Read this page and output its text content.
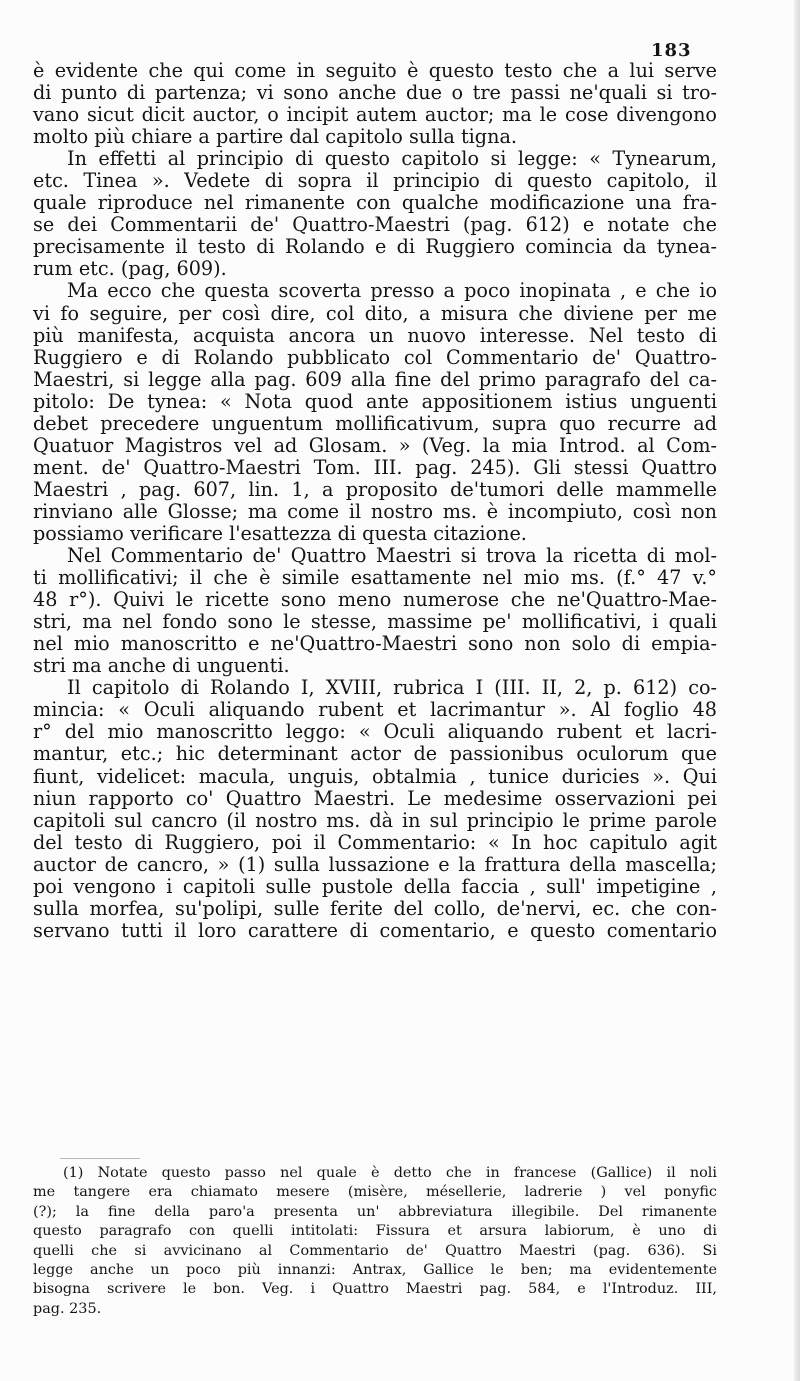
183
è evidente che qui come in seguito è questo testo che a lui serve
di punto di partenza; vi sono anche due o tre passi ne'quali si tro-
vano sicut dicit auctor, o incipit autem auctor; ma le cose divengono
molto più chiare a partire dal capitolo sulla tigna.
In effetti al principio di questo capitolo si legge: « Tynearum,
etc. Tinea ». Vedete di sopra il principio di questo capitolo, il
quale riproduce nel rimanente con qualche modificazione una fra-
se dei Commentarii de' Quattro-Maestri (pag. 612) e notate che
precisamente il testo di Rolando e di Ruggiero comincia da tynea-
rum etc. (pag, 609).
Ma ecco che questa scoverta presso a poco inopinata , e che io
vi fo seguire, per così dire, col dito, a misura che diviene per me
più manifesta, acquista ancora un nuovo interesse. Nel testo di
Ruggiero e di Rolando pubblicato col Commentario de' Quattro-
Maestri, si legge alla pag. 609 alla fine del primo paragrafo del ca-
pitolo: De tynea: « Nota quod ante appositionem istius unguenti
debet precedere unguentum mollificativum, supra quo recurre ad
Quatuor Magistros vel ad Glosam. » (Veg. la mia Introd. al Com-
ment. de' Quattro-Maestri Tom. III. pag. 245). Gli stessi Quattro
Maestri , pag. 607, lin. 1, a proposito de'tumori delle mammelle
rinviano alle Glosse; ma come il nostro ms. è incompiuto, così non
possiamo verificare l'esattezza di questa citazione.
Nel Commentario de' Quattro Maestri si trova la ricetta di mol-
ti mollificativi; il che è simile esattamente nel mio ms. (f.° 47 v.°
48 r°). Quivi le ricette sono meno numerose che ne'Quattro-Mae-
stri, ma nel fondo sono le stesse, massime pe' mollificativi, i quali
nel mio manoscritto e ne'Quattro-Maestri sono non solo di empia-
stri ma anche di unguenti.
Il capitolo di Rolando I, XVIII, rubrica I (III. II, 2, p. 612) co-
mincia: « Oculi aliquando rubent et lacrimantur ». Al foglio 48
r° del mio manoscritto leggo: « Oculi aliquando rubent et lacri-
mantur, etc.; hic determinant actor de passionibus oculorum que
fiunt, videlicet: macula, unguis, obtalmia , tunice duricies ». Qui
niun rapporto co' Quattro Maestri. Le medesime osservazioni pei
capitoli sul cancro (il nostro ms. dà in sul principio le prime parole
del testo di Ruggiero, poi il Commentario: « In hoc capitulo agit
auctor de cancro, » (1) sulla lussazione e la frattura della mascella;
poi vengono i capitoli sulle pustole della faccia , sull' impetigine ,
sulla morfea, su'polipi, sulle ferite del collo, de'nervi, ec. che con-
servano tutti il loro carattere di comentario, e questo comentario
(1) Notate questo passo nel quale è detto che in francese (Gallice) il noli
me tangere era chiamato mesere (misère, mésellerie, ladrerie ) vel ponyfic
(?); la fine della paro'a presenta un' abbreviatura illegibile. Del rimanente
questo paragrafo con quelli intitolati: Fissura et arsura labiorum, è uno di
quelli che si avvicinano al Commentario de' Quattro Maestri (pag. 636). Si
legge anche un poco più innanzi: Antrax, Gallice le ben; ma evidentemente
bisogna scrivere le bon. Veg. i Quattro Maestri pag. 584, e l'Introduz. III,
pag. 235.
